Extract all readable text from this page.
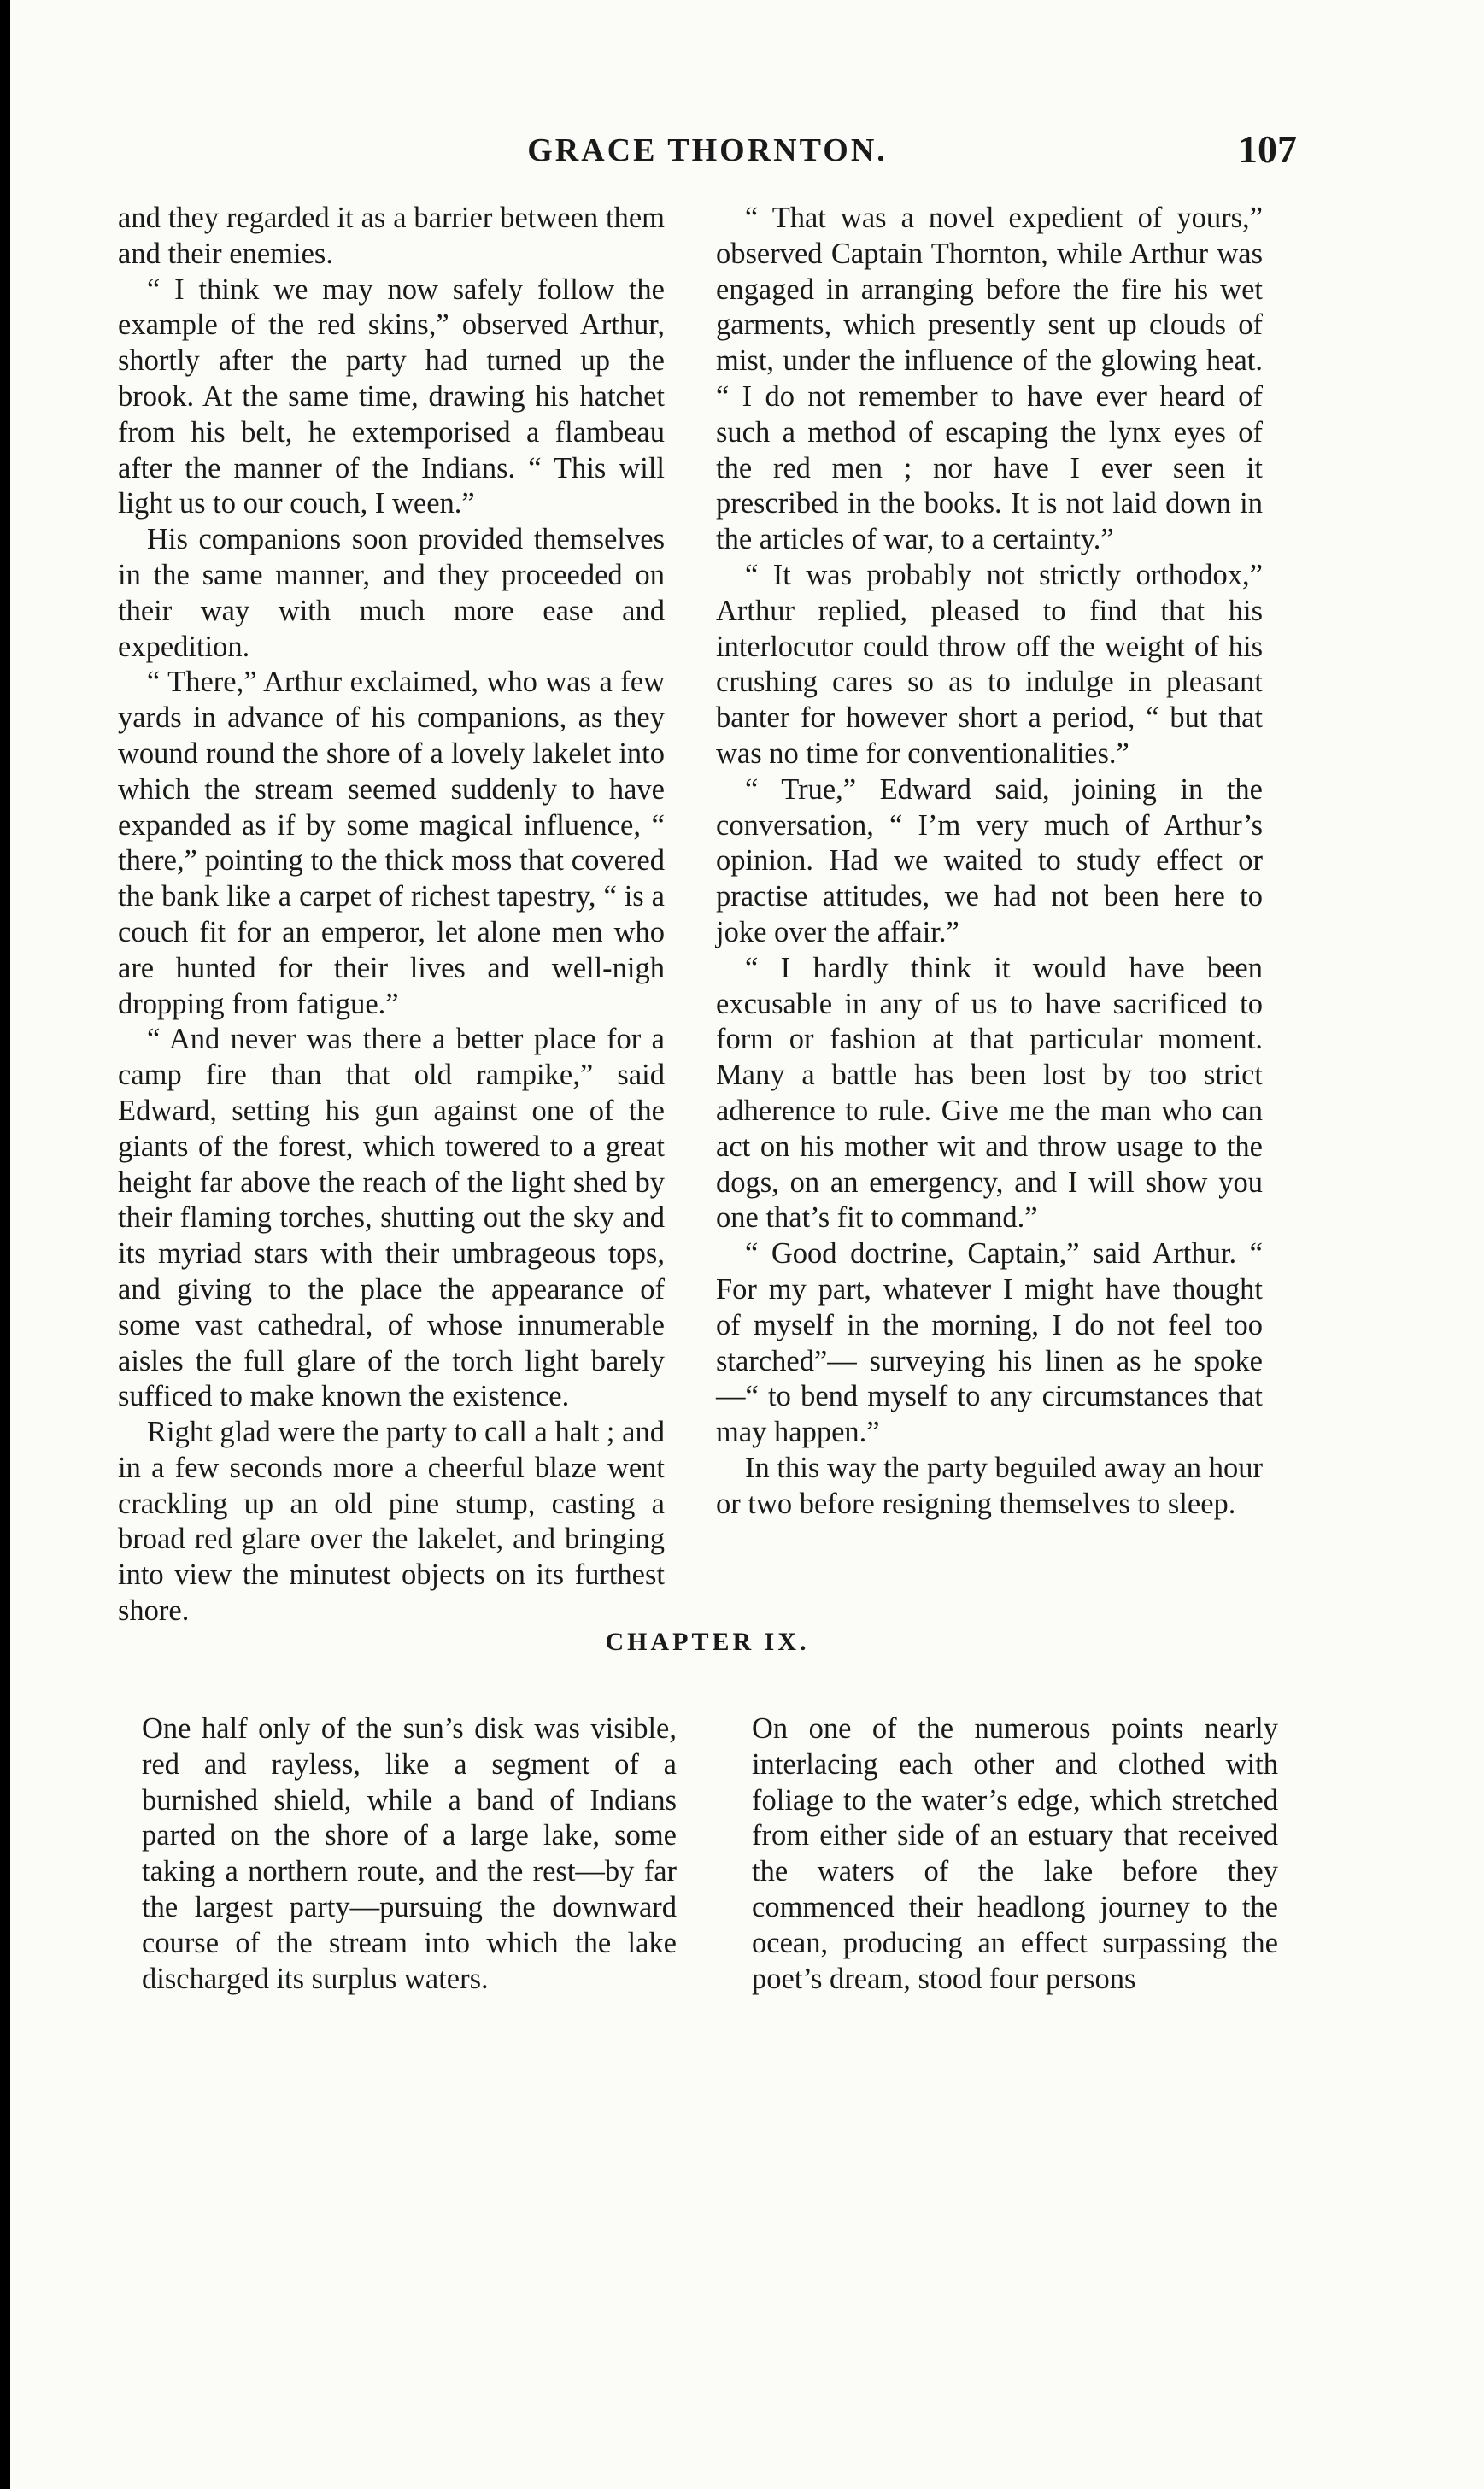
GRACE THORNTON.	107

and they regarded it as a barrier between them and their enemies.

“ I think we may now safely follow the example of the red skins,” observed Arthur, shortly after the party had turned up the brook. At the same time, drawing his hatchet from his belt, he extemporised a flambeau after the manner of the Indians. “ This will light us to our couch, I ween.”

His companions soon provided themselves in the same manner, and they proceeded on their way with much more ease and expedition.

“ There,” Arthur exclaimed, who was a few yards in advance of his companions, as they wound round the shore of a lovely lakelet into which the stream seemed suddenly to have expanded as if by some magical influence, “ there,” pointing to the thick moss that covered the bank like a carpet of richest tapestry, “ is a couch fit for an emperor, let alone men who are hunted for their lives and well-nigh dropping from fatigue.”

“ And never was there a better place for a camp fire than that old rampike,” said Edward, setting his gun against one of the giants of the forest, which towered to a great height far above the reach of the light shed by their flaming torches, shutting out the sky and its myriad stars with their umbrageous tops, and giving to the place the appearance of some vast cathedral, of whose innumerable aisles the full glare of the torch light barely sufficed to make known the existence.

Right glad were the party to call a halt ; and in a few seconds more a cheerful blaze went crackling up an old pine stump, casting a broad red glare over the lakelet, and bringing into view the minutest objects on its furthest shore.

“ That was a novel expedient of yours,” observed Captain Thornton, while Arthur was engaged in arranging before the fire his wet garments, which presently sent up clouds of mist, under the influence of the glowing heat. “ I do not remember to have ever heard of such a method of escaping the lynx eyes of the red men ; nor have I ever seen it prescribed in the books. It is not laid down in the articles of war, to a certainty.”

“ It was probably not strictly orthodox,” Arthur replied, pleased to find that his interlocutor could throw off the weight of his crushing cares so as to indulge in pleasant banter for however short a period, “ but that was no time for conventionalities.”

“ True,” Edward said, joining in the conversation, “ I’m very much of Arthur’s opinion. Had we waited to study effect or practise attitudes, we had not been here to joke over the affair.”

“ I hardly think it would have been excusable in any of us to have sacrificed to form or fashion at that particular moment. Many a battle has been lost by too strict adherence to rule. Give me the man who can act on his mother wit and throw usage to the dogs, on an emergency, and I will show you one that’s fit to command.”

“ Good doctrine, Captain,” said Arthur. “ For my part, whatever I might have thought of myself in the morning, I do not feel too starched”— surveying his linen as he spoke—“ to bend myself to any circumstances that may happen.”

In this way the party beguiled away an hour or two before resigning themselves to sleep.

CHAPTER IX.

One half only of the sun’s disk was visible, red and rayless, like a segment of a burnished shield, while a band of Indians parted on the shore of a large lake, some taking a northern route, and the rest—by far the largest party—pursuing the downward course of the stream into which the lake discharged its surplus waters.

On one of the numerous points nearly interlacing each other and clothed with foliage to the water’s edge, which stretched from either side of an estuary that received the waters of the lake before they commenced their headlong journey to the ocean, producing an effect surpassing the poet’s dream, stood four persons
